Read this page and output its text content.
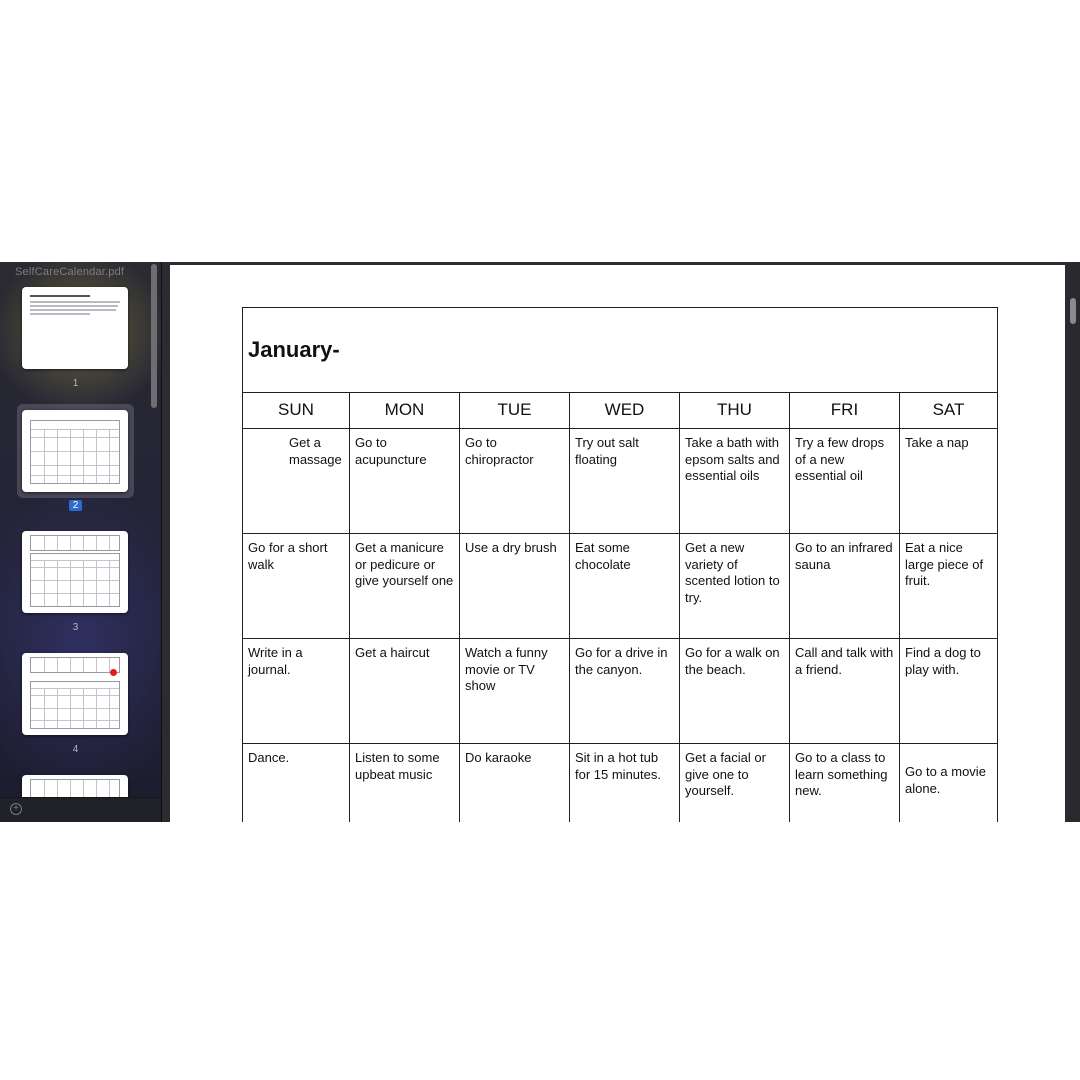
SelfCareCalendar.pdf
1
2
3
4
+
January-						
SUN	MON	TUE	WED	THU	FRI	SAT
Get a massage	Go to acupuncture	Go to chiropractor	Try out salt floating	Take a bath with epsom salts and essential oils	Try a few drops of a new essential oil	Take a nap
Go for a short walk	Get a manicure or pedicure or give yourself one	Use a dry brush	Eat some chocolate	Get a new variety of scented lotion to try.	Go to an infrared sauna	Eat a nice large piece of fruit.
Write in a journal.	Get a haircut	Watch a funny movie or TV show	Go for a drive in the canyon.	Go for a walk on the beach.	Call and talk with a friend.	Find a dog to play with.
Dance.	Listen to some upbeat music	Do karaoke	Sit in a hot tub for 15 minutes.	Get a facial or give one to yourself.	Go to a class to learn something new.	Go to a movie alone.
